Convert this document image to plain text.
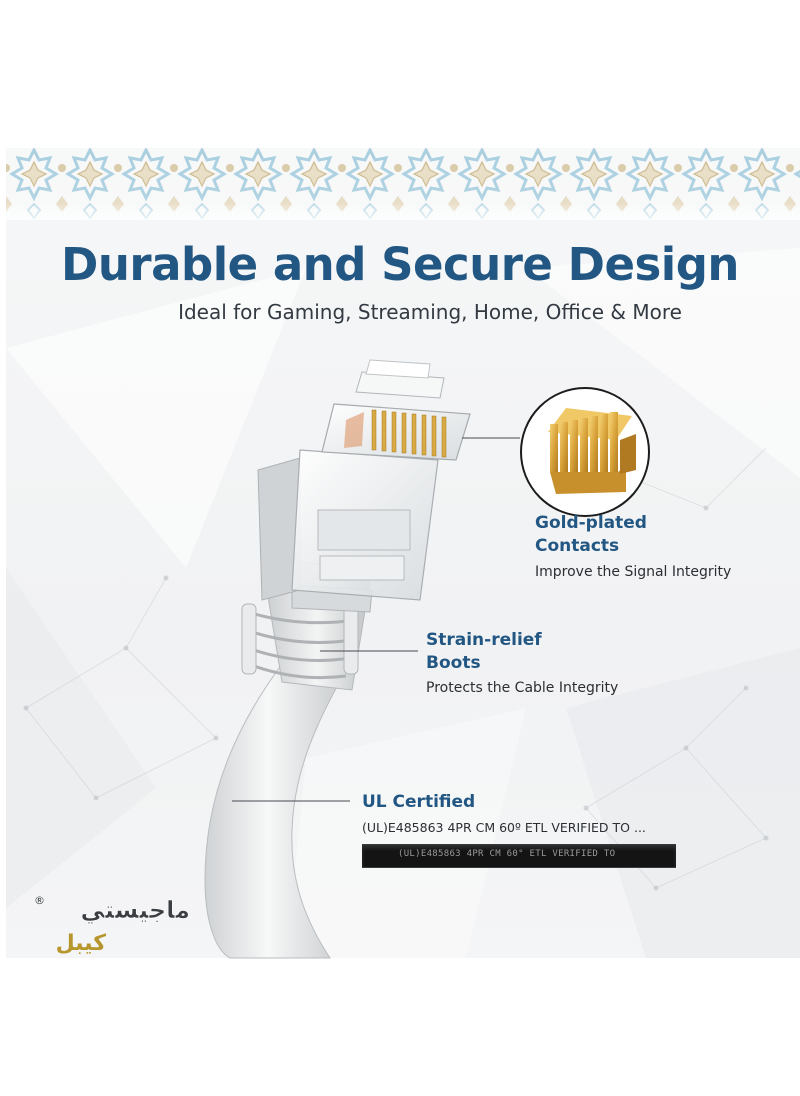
Durable and Secure Design

Ideal for Gaming, Streaming, Home, Office & More

Gold-plated

Contacts

Improve the Signal Integrity

Strain-relief

Boots

Protects the Cable Integrity

UL Certified

(UL)E485863 4PR CM 60º ETL VERIFIED TO ...

(UL)E485863 4PR CM 60° ETL VERIFIED TO
ماجيستي
كيبل
®
